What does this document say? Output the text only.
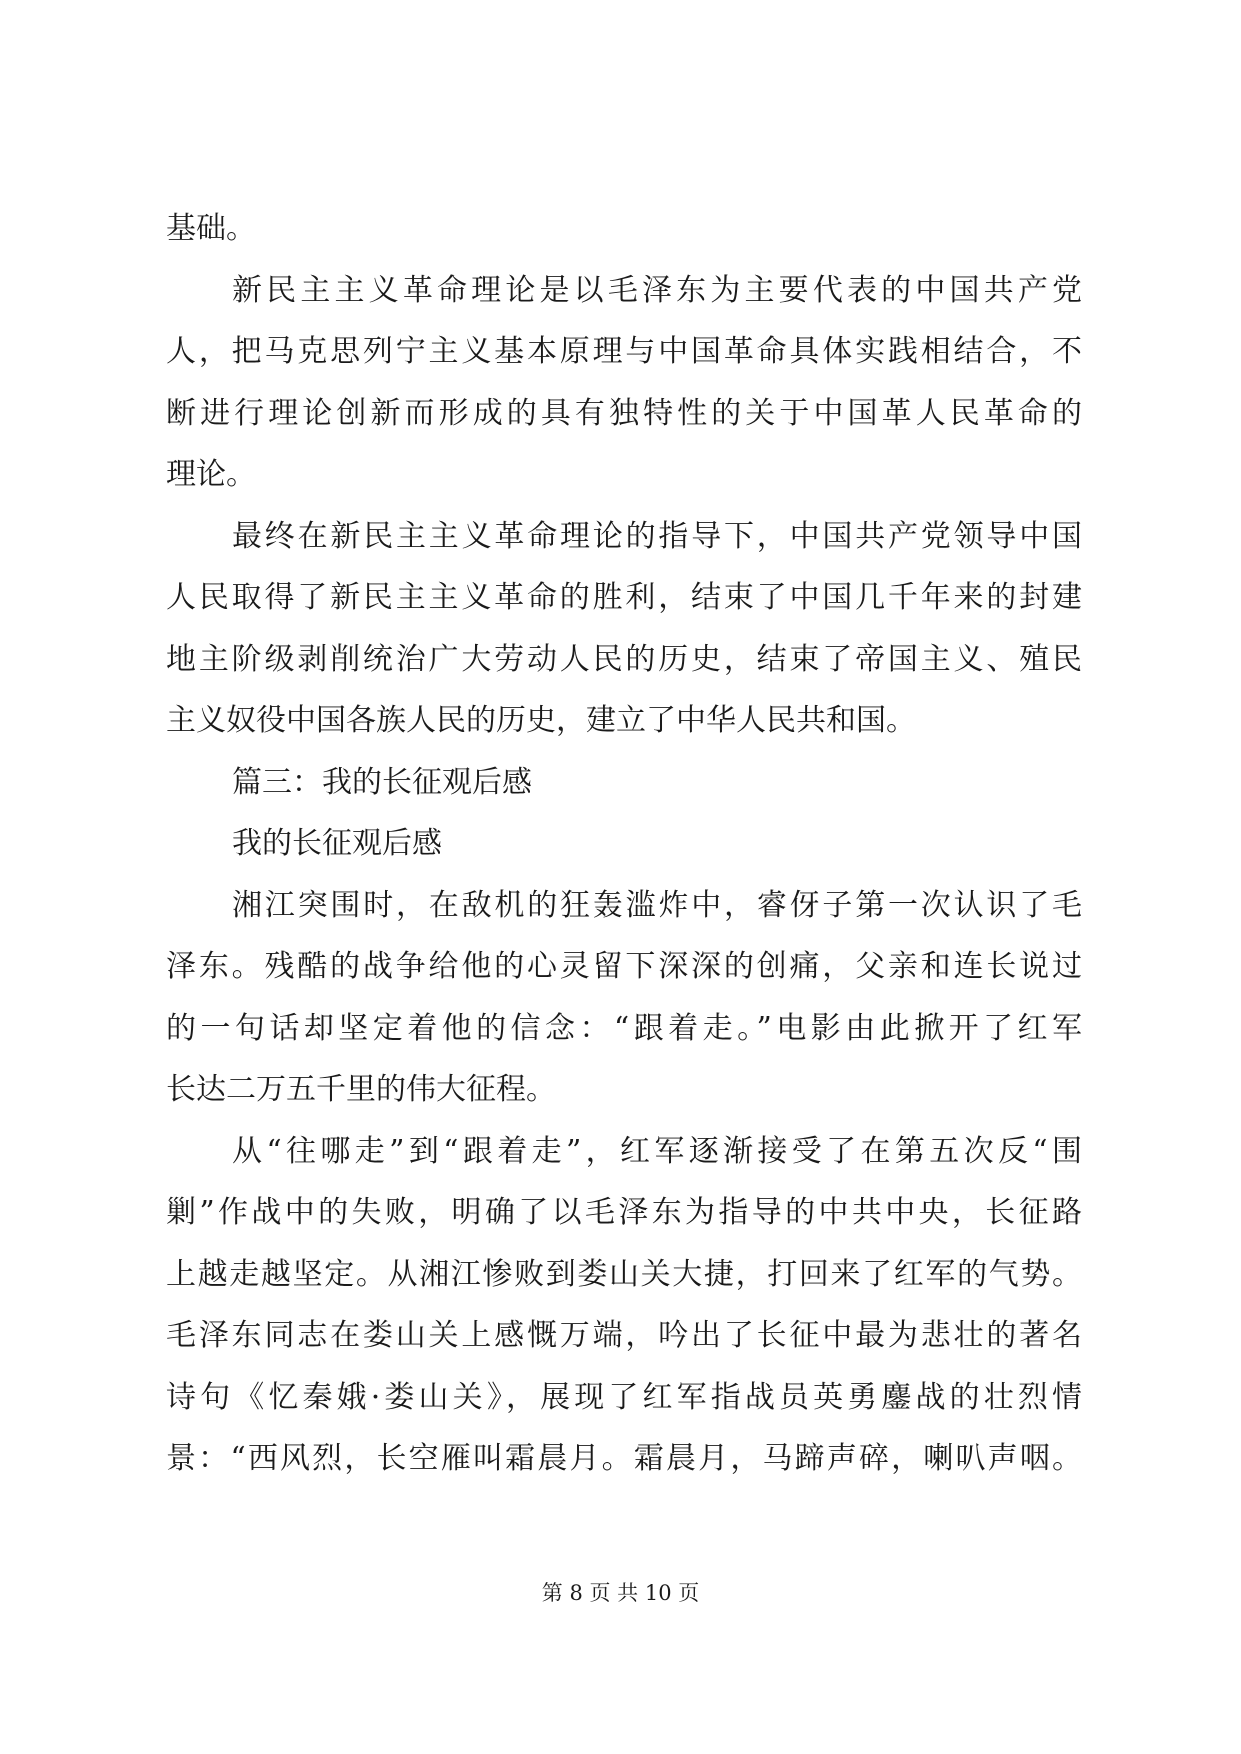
基础。
新民主主义革命理论是以毛泽东为主要代表的中国共产党
人，把马克思列宁主义基本原理与中国革命具体实践相结合，不
断进行理论创新而形成的具有独特性的关于中国革人民革命的
理论。
最终在新民主主义革命理论的指导下，中国共产党领导中国
人民取得了新民主主义革命的胜利，结束了中国几千年来的封建
地主阶级剥削统治广大劳动人民的历史，结束了帝国主义、殖民
主义奴役中国各族人民的历史，建立了中华人民共和国。
篇三：我的长征观后感
我的长征观后感
湘江突围时，在敌机的狂轰滥炸中，睿伢子第一次认识了毛
泽东。残酷的战争给他的心灵留下深深的创痛，父亲和连长说过
的一句话却坚定着他的信念：“跟着走。”电影由此掀开了红军
长达二万五千里的伟大征程。
从“往哪走”到“跟着走”，红军逐渐接受了在第五次反“围
剿”作战中的失败，明确了以毛泽东为指导的中共中央，长征路
上越走越坚定。从湘江惨败到娄山关大捷，打回来了红军的气势。
毛泽东同志在娄山关上感慨万端，吟出了长征中最为悲壮的著名
诗句《忆秦娥·娄山关》，展现了红军指战员英勇鏖战的壮烈情
景：“西风烈，长空雁叫霜晨月。霜晨月，马蹄声碎，喇叭声咽。
第 8 页 共 10 页
